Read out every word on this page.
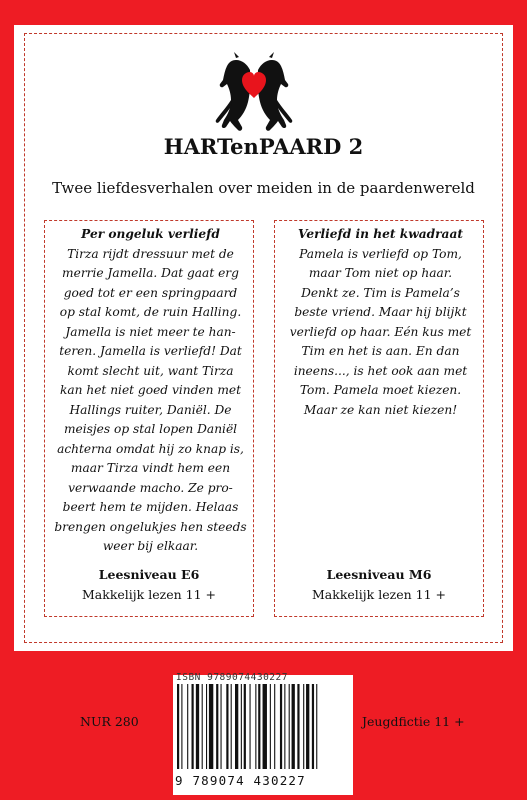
HARTenPAARD 2
Twee liefdesverhalen over meiden in de paardenwereld
Per ongeluk verliefd
Tirza rijdt dressuur met de
merrie Jamella. Dat gaat erg
goed tot er een springpaard
op stal komt, de ruin Halling.
Jamella is niet meer te han-
teren. Jamella is verliefd! Dat
komt slecht uit, want Tirza
kan het niet goed vinden met
Hallings ruiter, Daniël. De
meisjes op stal lopen Daniël
achterna omdat hij zo knap is,
maar Tirza vindt hem een
verwaande macho. Ze pro-
beert hem te mijden. Helaas
brengen ongelukjes hen steeds
weer bij elkaar.
Leesniveau E6
Makkelijk lezen 11 +
Verliefd in het kwadraat
Pamela is verliefd op Tom,
maar Tom niet op haar.
Denkt ze. Tim is Pamela’s
beste vriend. Maar hij blijkt
verliefd op haar. Eén kus met
Tim en het is aan. En dan
ineens..., is het ook aan met
Tom. Pamela moet kiezen.
Maar ze kan niet kiezen!
Leesniveau M6
Makkelijk lezen 11 +
NUR 280
ISBN 9789074430227
9 789074 430227
Jeugdfictie 11 +
